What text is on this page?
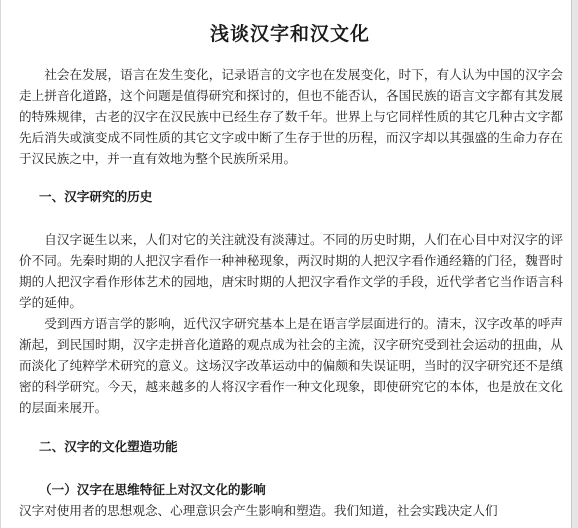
浅谈汉字和汉文化

社会在发展，语言在发生变化，记录语言的文字也在发展变化，时下，有人认为中国的汉字会走上拼音化道路，这个问题是值得研究和探讨的，但也不能否认，各国民族的语言文字都有其发展的特殊规律，古老的汉字在汉民族中已经生存了数千年。世界上与它同样性质的其它几种古文字都先后消失或演变成不同性质的其它文字或中断了生存于世的历程，而汉字却以其强盛的生命力存在于汉民族之中，并一直有效地为整个民族所采用。

一、汉字研究的历史

自汉字诞生以来，人们对它的关注就没有淡薄过。不同的历史时期，人们在心目中对汉字的评价不同。先秦时期的人把汉字看作一种神秘现象，两汉时期的人把汉字看作通经籍的门径，魏晋时期的人把汉字看作形体艺术的园地，唐宋时期的人把汉字看作文学的手段，近代学者它当作语言科学的延伸。

受到西方语言学的影响，近代汉字研究基本上是在语言学层面进行的。清末，汉字改革的呼声渐起，到民国时期，汉字走拼音化道路的观点成为社会的主流，汉字研究受到社会运动的扭曲，从而淡化了纯粹学术研究的意义。这场汉字改革运动中的偏颇和失误证明，当时的汉字研究还不是缜密的科学研究。今天，越来越多的人将汉字看作一种文化现象，即使研究它的本体，也是放在文化的层面来展开。

二、汉字的文化塑造功能
（一）汉字在思维特征上对汉文化的影响

汉字对使用者的思想观念、心理意识会产生影响和塑造。我们知道，社会实践决定人们
